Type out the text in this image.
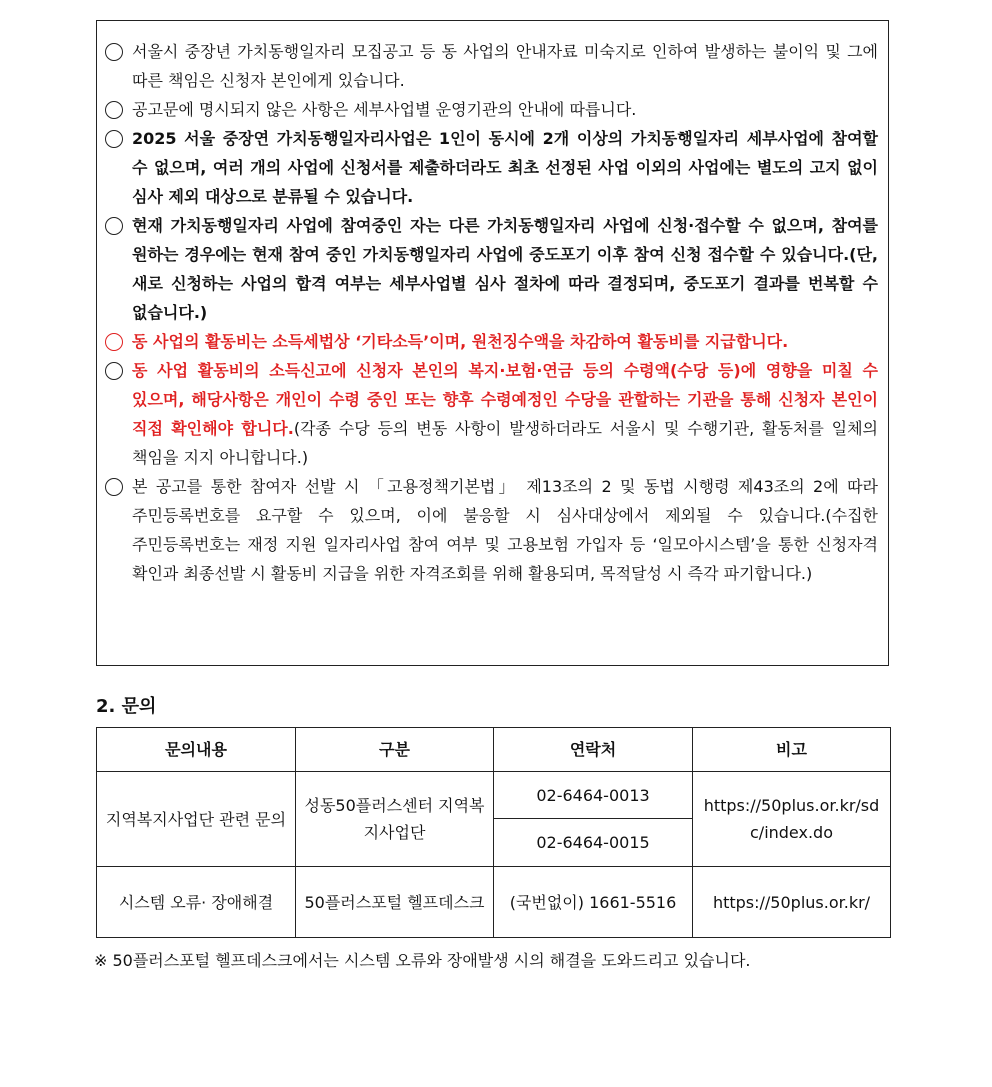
서울시 중장년 가치동행일자리 모집공고 등 동 사업의 안내자료 미숙지로 인하여 발생하는 불이익 및 그에 따른 책임은 신청자 본인에게 있습니다.
공고문에 명시되지 않은 사항은 세부사업별 운영기관의 안내에 따릅니다.
2025 서울 중장연 가치동행일자리사업은 1인이 동시에 2개 이상의 가치동행일자리 세부사업에 참여할 수 없으며, 여러 개의 사업에 신청서를 제출하더라도 최초 선정된 사업 이외의 사업에는 별도의 고지 없이 심사 제외 대상으로 분류될 수 있습니다.
현재 가치동행일자리 사업에 참여중인 자는 다른 가치동행일자리 사업에 신청·접수할 수 없으며, 참여를 원하는 경우에는 현재 참여 중인 가치동행일자리 사업에 중도포기 이후 참여 신청 접수할 수 있습니다.(단, 새로 신청하는 사업의 합격 여부는 세부사업별 심사 절차에 따라 결정되며, 중도포기 결과를 번복할 수 없습니다.)
동 사업의 활동비는 소득세법상 ‘기타소득’이며, 원천징수액을 차감하여 활동비를 지급합니다.
동 사업 활동비의 소득신고에 신청자 본인의 복지·보험·연금 등의 수령액(수당 등)에 영향을 미칠 수 있으며, 해당사항은 개인이 수령 중인 또는 향후 수령예정인 수당을 관할하는 기관을 통해 신청자 본인이 직접 확인해야 합니다.(각종 수당 등의 변동 사항이 발생하더라도 서울시 및 수행기관, 활동처를 일체의 책임을 지지 아니합니다.)
본 공고를 통한 참여자 선발 시 「고용정책기본법」 제13조의 2 및 동법 시행령 제43조의 2에 따라 주민등록번호를 요구할 수 있으며, 이에 불응할 시 심사대상에서 제외될 수 있습니다.(수집한 주민등록번호는 재정 지원 일자리사업 참여 여부 및 고용보험 가입자 등 ‘일모아시스템’을 통한 신청자격 확인과 최종선발 시 활동비 지급을 위한 자격조회를 위해 활용되며, 목적달성 시 즉각 파기합니다.)
2. 문의
문의내용	구분	연락처	비고
지역복지사업단 관련 문의	성동50플러스센터 지역복지사업단	02-6464-0013	https://50plus.or.kr/sdc/index.do
		02-6464-0015	
시스템 오류· 장애해결	50플러스포털 헬프데스크	(국번없이) 1661-5516	https://50plus.or.kr/
※ 50플러스포털 헬프데스크에서는 시스템 오류와 장애발생 시의 해결을 도와드리고 있습니다.
